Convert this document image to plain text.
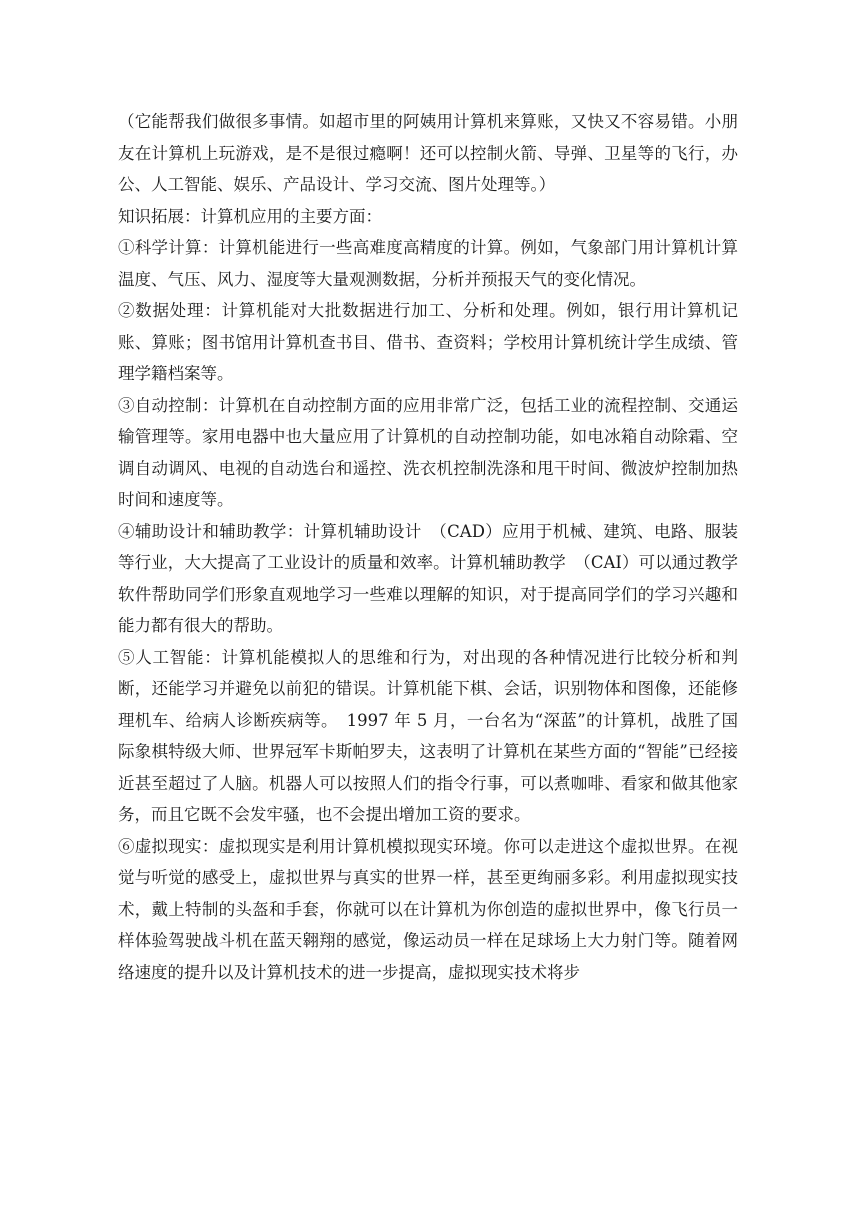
（它能帮我们做很多事情。如超市里的阿姨用计算机来算账，又快又不容易错。小朋友在计算机上玩游戏，是不是很过瘾啊！还可以控制火箭、导弹、卫星等的飞行，办公、人工智能、娱乐、产品设计、学习交流、图片处理等。）

知识拓展：计算机应用的主要方面：

①科学计算：计算机能进行一些高难度高精度的计算。例如，气象部门用计算机计算温度、气压、风力、湿度等大量观测数据，分析并预报天气的变化情况。

②数据处理：计算机能对大批数据进行加工、分析和处理。例如，银行用计算机记账、算账；图书馆用计算机查书目、借书、查资料；学校用计算机统计学生成绩、管理学籍档案等。

③自动控制：计算机在自动控制方面的应用非常广泛，包括工业的流程控制、交通运输管理等。家用电器中也大量应用了计算机的自动控制功能，如电冰箱自动除霜、空调自动调风、电视的自动选台和遥控、洗衣机控制洗涤和甩干时间、微波炉控制加热时间和速度等。

④辅助设计和辅助教学：计算机辅助设计　（CAD）应用于机械、建筑、电路、服装等行业，大大提高了工业设计的质量和效率。计算机辅助教学　（CAI）可以通过教学软件帮助同学们形象直观地学习一些难以理解的知识，对于提高同学们的学习兴趣和能力都有很大的帮助。

⑤人工智能：计算机能模拟人的思维和行为，对出现的各种情况进行比较分析和判断，还能学习并避免以前犯的错误。计算机能下棋、会话，识别物体和图像，还能修理机车、给病人诊断疾病等。　1997 年 5 月，一台名为“深蓝”的计算机，战胜了国际象棋特级大师、世界冠军卡斯帕罗夫，这表明了计算机在某些方面的“智能”已经接近甚至超过了人脑。机器人可以按照人们的指令行事，可以煮咖啡、看家和做其他家务，而且它既不会发牢骚，也不会提出增加工资的要求。

⑥虚拟现实：虚拟现实是利用计算机模拟现实环境。你可以走进这个虚拟世界。在视觉与听觉的感受上，虚拟世界与真实的世界一样，甚至更绚丽多彩。利用虚拟现实技术，戴上特制的头盔和手套，你就可以在计算机为你创造的虚拟世界中，像飞行员一样体验驾驶战斗机在蓝天翱翔的感觉，像运动员一样在足球场上大力射门等。随着网络速度的提升以及计算机技术的进一步提高，虚拟现实技术将步
